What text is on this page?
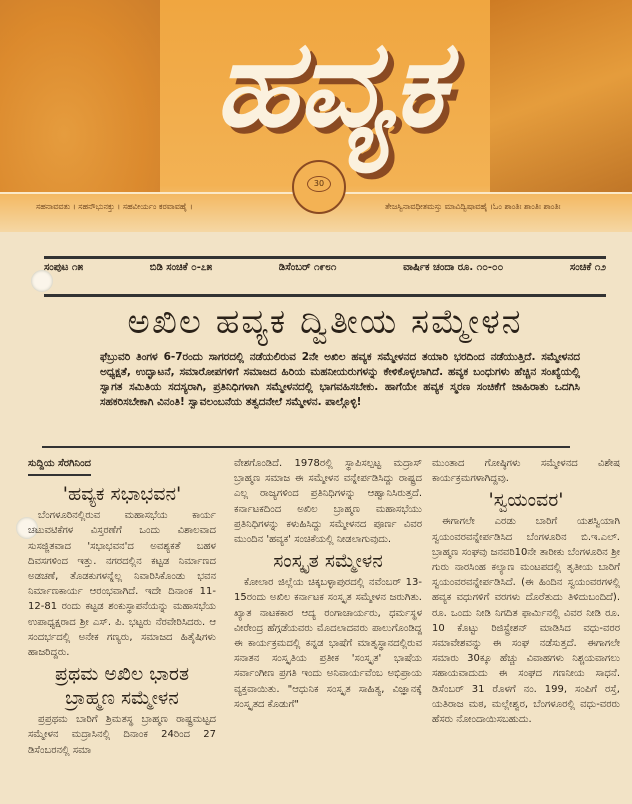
ಹವ್ಯಕ
ಸಹನಾವವತು । ಸಹನೌಭುನಕ್ತು । ಸಹವೀರ್ಯಂ ಕರವಾವಹೈ ।	ತೇಜಸ್ವಿನಾವಧೀತಮಸ್ತು ಮಾವಿದ್ವಿಷಾವಹೈ ।ಓಂ ಶಾಂತಿಃ ಶಾಂತಿಃ ಶಾಂತಿಃ
30
ಸಂಪುಟ ೧೫	ಬಿಡಿ ಸಂಚಿಕೆ ೦-೭೫	ಡಿಸೆಂಬರ್ ೧೯೮೧	ವಾರ್ಷಿಕ ಚಂದಾ ರೂ. ೧೦-೦೦	ಸಂಚಿಕೆ ೧೨
ಅಖಿಲ ಹವ್ಯಕ ದ್ವಿತೀಯ ಸಮ್ಮೇಳನ
ಫೆಬ್ರುವರಿ ತಿಂಗಳ 6-7ರಂದು ಸಾಗರದಲ್ಲಿ ನಡೆಯಲಿರುವ 2ನೇ ಅಖಿಲ ಹವ್ಯಕ ಸಮ್ಮೇಳನದ ತಯಾರಿ ಭರದಿಂದ ನಡೆಯುತ್ತಿದೆ. ಸಮ್ಮೇಳನದ ಅಧ್ಯಕ್ಷತೆ, ಉದ್ಘಾಟನೆ, ಸಮಾರೋಪಗಳಿಗೆ ಸಮಾಜದ ಹಿರಿಯ ಮಹನೀಯರುಗಳನ್ನು ಕೇಳಿಕೊಳ್ಳಲಾಗಿದೆ. ಹವ್ಯಕ ಬಂಧುಗಳು ಹೆಚ್ಚಿನ ಸಂಖ್ಯೆಯಲ್ಲಿ ಸ್ವಾಗತ ಸಮಿತಿಯ ಸದಸ್ಯರಾಗಿ, ಪ್ರತಿನಿಧಿಗಳಾಗಿ ಸಮ್ಮೇಳನದಲ್ಲಿ ಭಾಗವಹಿಸಬೇಕು. ಹಾಗೆಯೇ ಹವ್ಯಕ ಸ್ಮರಣ ಸಂಚಿಕೆಗೆ ಜಾಹಿರಾತು ಒದಗಿಸಿ ಸಹಕರಿಸಬೇಕಾಗಿ ವಿನಂತಿ! ಸ್ವಾವಲಂಬನೆಯ ತತ್ವದನೇಲೆ ಸಮ್ಮೇಳನ. ಪಾಲ್ಗೊಳ್ಳಿ!
ಸುದ್ದಿಯ ಸೆರಗಿನಿಂದ
'ಹವ್ಯಕ ಸಭಾಭವನ'

ಬೆಂಗಳೂರಿನಲ್ಲಿರುವ ಮಹಾಸಭೆಯ ಕಾರ್ಯ ಚಟುವಟಿಕೆಗಳ ವಿಸ್ತರಣೆಗೆ ಒಂದು ವಿಶಾಲವಾದ ಸುಸಜ್ಜಿತವಾದ 'ಸಭಾಭವನ'ದ ಅವಶ್ಯಕತೆ ಬಹಳ ದಿವಸಗಳಿಂದ ಇತ್ತು. ನಗರದಲ್ಲಿನ ಕಟ್ಟಡ ನಿರ್ಮಾಣದ ಅಡಚಣೆ, ತೊಡಕುಗಳನ್ನೆಲ್ಲ ನಿವಾರಿಸಿಕೊಂಡು ಭವನ ನಿರ್ಮಾಣಕಾರ್ಯ ಆರಂಭವಾಗಿದೆ. ಇದೇ ದಿನಾಂಕ 11-12-81 ರಂದು ಕಟ್ಟಡ ಶಂಕುಸ್ಥಾಪನೆಯನ್ನು ಮಹಾಸಭೆಯ ಉಪಾಧ್ಯಕ್ಷರಾದ ಶ್ರೀ ಎಸ್. ಪಿ. ಭಟ್ಟರು ನೆರವೇರಿಸಿದರು. ಆ ಸಂದರ್ಭದಲ್ಲಿ ಅನೇಕ ಗಣ್ಯರು, ಸಮಾಜದ ಹಿತೈಷಿಗಳು ಹಾಜರಿದ್ದರು.

ಪ್ರಥಮ ಅಖಿಲ ಭಾರತ ಬ್ರಾಹ್ಮಣ ಸಮ್ಮೇಳನ

ಪ್ರಪ್ರಥಮ ಬಾರಿಗೆ ಶ್ರಿಮತಸ್ಥ ಬ್ರಾಹ್ಮಣ ರಾಷ್ಟ್ರಮಟ್ಟದ ಸಮ್ಮೇಳನ ಮದ್ರಾಸಿನಲ್ಲಿ ದಿನಾಂಕ 24ರಿಂದ 27 ಡಿಸೆಂಬರನಲ್ಲಿ ಸಮಾ

ವೇಶಗೊಂಡಿದೆ. 1978ರಲ್ಲಿ ಸ್ಥಾಪಿಸಲ್ಪಟ್ಟ ಮದ್ರಾಸ್ ಬ್ರಾಹ್ಮಣ ಸಮಾಜ ಈ ಸಮ್ಮೇಳನ ವನ್ನೇರ್ಪಡಿಸಿದ್ದು ರಾಷ್ಟ್ರದ ಎಲ್ಲ ರಾಜ್ಯಗಳಿಂದ ಪ್ರತಿನಿಧಿಗಳನ್ನು ಆಹ್ವಾನಿಸಿರುತ್ತದೆ. ಕರ್ನಾಟಕದಿಂದ ಅಖಿಲ ಬ್ರಾಹ್ಮಣ ಮಹಾಸಭೆಯು ಪ್ರತಿನಿಧಿಗಳನ್ನು ಕಳುಹಿಸಿದ್ದು ಸಮ್ಮೇಳನದ ಪೂರ್ಣ ವಿವರ ಮುಂದಿನ 'ಹವ್ಯಕ' ಸಂಚಿಕೆಯಲ್ಲಿ ನೀಡಲಾಗುವುದು.

ಸಂಸ್ಕೃತ ಸಮ್ಮೇಳನ

ಕೋಲಾರ ಜಿಲ್ಲೆಯ ಚಿಕ್ಕಬಳ್ಳಾಪುರದಲ್ಲಿ ನವೆಂಬರ್ 13-15ರಂದು ಅಖಿಲ ಕರ್ನಾಟಕ ಸಂಸ್ಕೃತ ಸಮ್ಮೇಳನ ಜರುಗಿತು. ಖ್ಯಾತ ನಾಟಕಕಾರ ಆದ್ಯ ರಂಗಾಚಾರ್ಯರು, ಧರ್ಮಸ್ಥಳ ವೀರೇಂದ್ರ ಹೆಗ್ಗಡೆಯವರು ಮೊದಲಾದವರು ಪಾಲುಗೊಂಡಿದ್ದ ಈ ಕಾರ್ಯಕ್ರಮದಲ್ಲಿ ಕನ್ನಡ ಭಾಷೆಗೆ ಮಾತೃಸ್ಥಾನದಲ್ಲಿರುವ ಸನಾತನ ಸಂಸ್ಕೃತಿಯ ಪ್ರತೀಕ 'ಸಂಸ್ಕೃತ' ಭಾಷೆಯ ಸರ್ವಾಂಗೀಣ ಪ್ರಗತಿ ಇಂದು ಅನಿವಾರ್ಯವೆಂಬ ಅಭಿಪ್ರಾಯ ವ್ಯಕ್ತವಾಯಿತು. "ಆಧುನಿಕ ಸಂಸ್ಕೃತ ಸಾಹಿತ್ಯ, ವಿಜ್ಞಾನಕ್ಕೆ ಸಂಸ್ಕೃತದ ಕೊಡುಗೆ"

ಮುಂತಾದ ಗೋಷ್ಠಿಗಳು ಸಮ್ಮೇಳನದ ವಿಶೇಷ ಕಾರ್ಯಕ್ರಮಗಳಾಗಿದ್ದವು.

'ಸ್ವಯಂವರ'

ಈಗಾಗಲೇ ಎರಡು ಬಾರಿಗೆ ಯಶಸ್ವಿಯಾಗಿ ಸ್ವಯಂವರವನ್ನೇರ್ಪಡಿಸಿದ ಬೆಂಗಳೂರಿನ ಬಿ.ಇ.ಎಲ್. ಬ್ರಾಹ್ಮಣ ಸಂಘವು ಜನವರಿ10ನೇ ತಾರೀಕು ಬೆಂಗಳೂರಿನ ಶ್ರೀ ಗುರು ನಾರಸಿಂಹ ಕಲ್ಯಾಣ ಮಂಟಪದಲ್ಲಿ ತೃತೀಯ ಬಾರಿಗೆ ಸ್ವಯಂವರವನ್ನೇರ್ಪಡಿಸಿದೆ. (ಈ ಹಿಂದಿನ ಸ್ವಯಂವರಗಳಲ್ಲಿ ಹವ್ಯಕ ವಧುಗಳಿಗೆ ವರಗಳು ದೊರೆತುದು ತಿಳಿದುಬಂದಿದೆ). ರೂ. ಒಂದು ನೀಡಿ ನಿಗದಿತ ಫಾರ್ಮಿನಲ್ಲಿ ವಿವರ ನೀಡಿ ರೂ. 10 ಕೊಟ್ಟು ರಿಜಿಸ್ಟ್ರೇಶನ್ ಮಾಡಿಸಿದ ವಧು-ವರರ ಸಮಾವೇಶವನ್ನು ಈ ಸಂಘ ನಡೆಸುತ್ತದೆ. ಈಗಾಗಲೇ ಸಮಾರು 30ಕ್ಕೂ ಹೆಚ್ಚು ವಿವಾಹಗಳು ನಿಶ್ಚಯವಾಗಲು ಸಹಾಯವಾದುದು ಈ ಸಂಘದ ಗಣನೀಯ ಸಾಧನೆ. ಡಿಸೆಂಬರ್ 31 ರೊಳಗೆ ನಂ. 199, ಸಂಪಿಗೆ ರಸ್ತೆ, ಯತಿರಾಜ ಮಠ, ಮಲ್ಲೇಶ್ವರ, ಬೆಂಗಳೂರಲ್ಲಿ ವಧು-ವರರು ಹೆಸರು ನೋಂದಾಯಿಸಬಹುದು.
